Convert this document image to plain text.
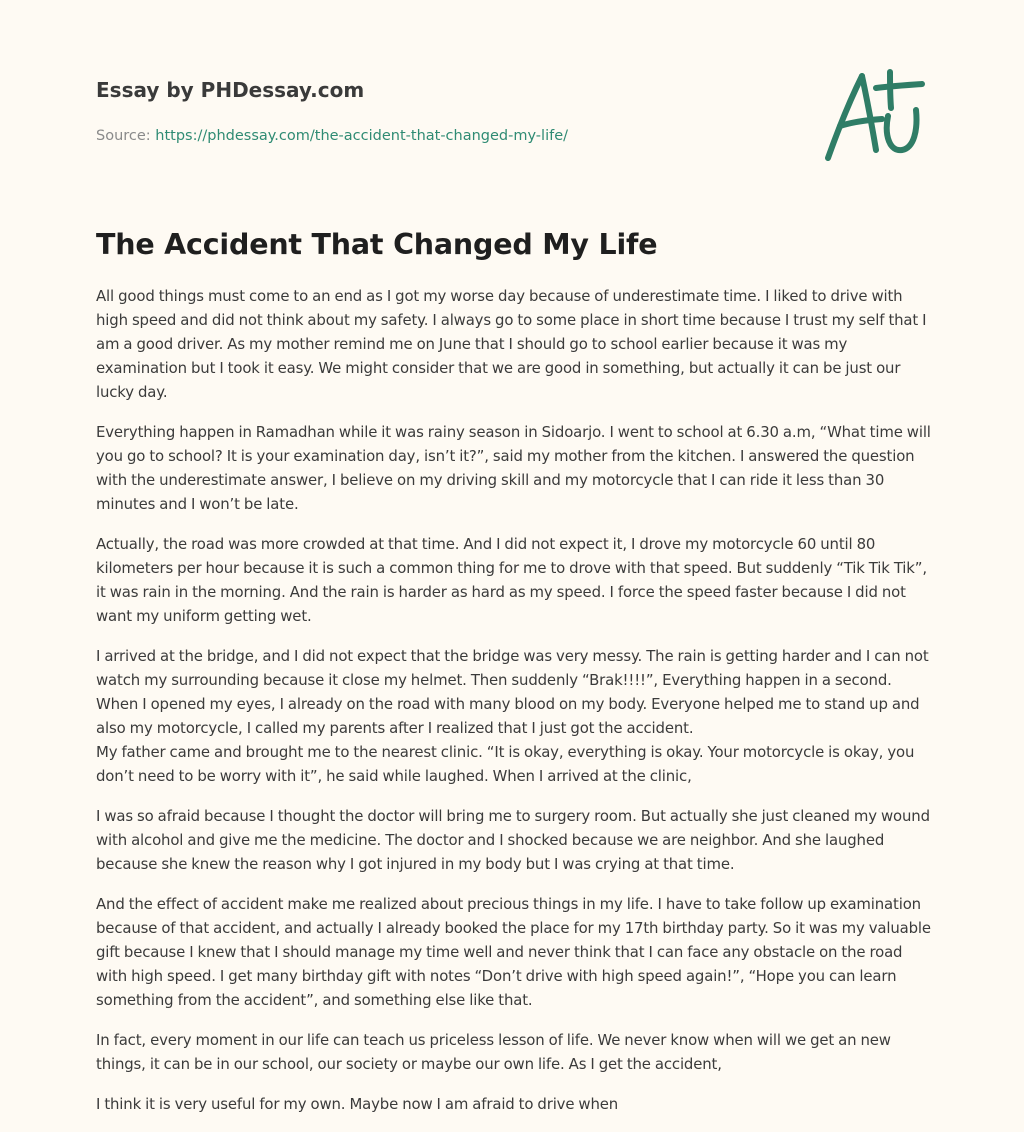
Essay by PHDessay.com
Source: https://phdessay.com/the-accident-that-changed-my-life/
The Accident That Changed My Life

All good things must come to an end as I got my worse day because of underestimate time. I liked to drive with high speed and did not think about my safety. I always go to some place in short time because I trust my self that I am a good driver. As my mother remind me on June that I should go to school earlier because it was my examination but I took it easy. We might consider that we are good in something, but actually it can be just our lucky day.

Everything happen in Ramadhan while it was rainy season in Sidoarjo. I went to school at 6.30 a.m, “What time will you go to school? It is your examination day, isn’t it?”, said my mother from the kitchen. I answered the question with the underestimate answer, I believe on my driving skill and my motorcycle that I can ride it less than 30 minutes and I won’t be late.

Actually, the road was more crowded at that time. And I did not expect it, I drove my motorcycle 60 until 80 kilometers per hour because it is such a common thing for me to drove with that speed. But suddenly “Tik Tik Tik”, it was rain in the morning. And the rain is harder as hard as my speed. I force the speed faster because I did not want my uniform getting wet.

I arrived at the bridge, and I did not expect that the bridge was very messy. The rain is getting harder and I can not watch my surrounding because it close my helmet. Then suddenly “Brak!!!!”, Everything happen in a second. When I opened my eyes, I already on the road with many blood on my body. Everyone helped me to stand up and also my motorcycle, I called my parents after I realized that I just got the accident.

My father came and brought me to the nearest clinic. “It is okay, everything is okay. Your motorcycle is okay, you don’t need to be worry with it”, he said while laughed. When I arrived at the clinic,

I was so afraid because I thought the doctor will bring me to surgery room. But actually she just cleaned my wound with alcohol and give me the medicine. The doctor and I shocked because we are neighbor. And she laughed because she knew the reason why I got injured in my body but I was crying at that time.

And the effect of accident make me realized about precious things in my life. I have to take follow up examination because of that accident, and actually I already booked the place for my 17th birthday party. So it was my valuable gift because I knew that I should manage my time well and never think that I can face any obstacle on the road with high speed. I get many birthday gift with notes “Don’t drive with high speed again!”, “Hope you can learn something from the accident”, and something else like that.

In fact, every moment in our life can teach us priceless lesson of life. We never know when will we get an new things, it can be in our school, our society or maybe our own life. As I get the accident,

I think it is very useful for my own. Maybe now I am afraid to drive when
